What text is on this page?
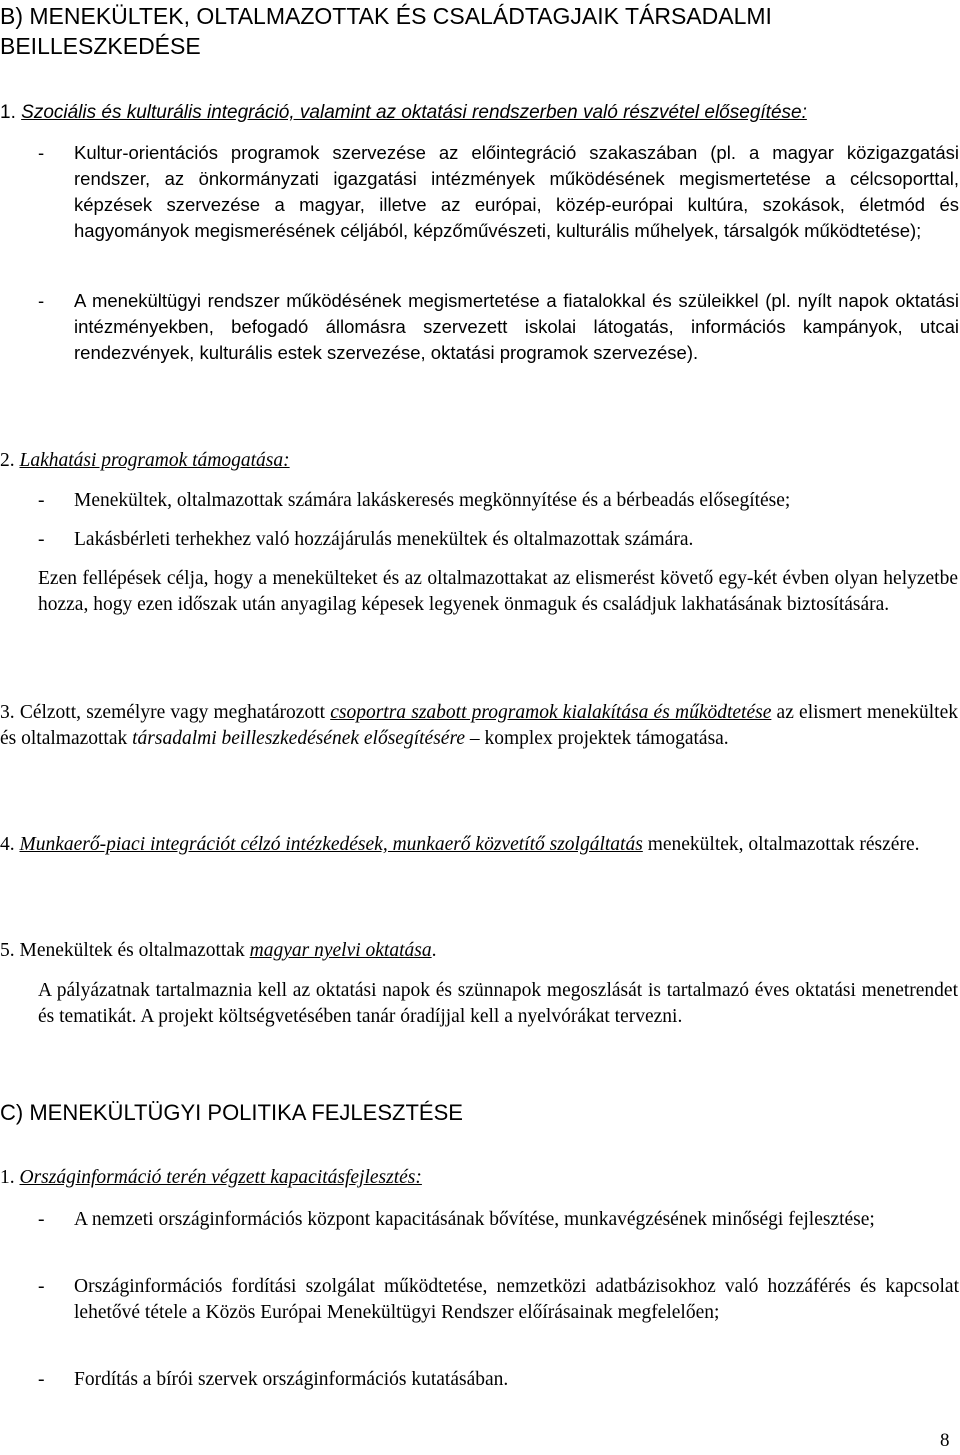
B) MENEKÜLTEK, OLTALMAZOTTAK ÉS CSALÁDTAGJAIK TÁRSADALMI BEILLESZKEDÉSE
1. Szociális és kulturális integráció, valamint az oktatási rendszerben való részvétel elősegítése:
- Kultur-orientációs programok szervezése az előintegráció szakaszában (pl. a magyar közigazgatási rendszer, az önkormányzati igazgatási intézmények működésének megismertetése a célcsoporttal, képzések szervezése a magyar, illetve az európai, közép-európai kultúra, szokások, életmód és hagyományok megismerésének céljából, képzőművészeti, kulturális műhelyek, társalgók működtetése);
- A menekültügyi rendszer működésének megismertetése a fiatalokkal és szüleikkel (pl. nyílt napok oktatási intézményekben, befogadó állomásra szervezett iskolai látogatás, információs kampányok, utcai rendezvények, kulturális estek szervezése, oktatási programok szervezése).
2. Lakhatási programok támogatása:
- Menekültek, oltalmazottak számára lakáskeresés megkönnyítése és a bérbeadás elősegítése;
- Lakásbérleti terhekhez való hozzájárulás menekültek és oltalmazottak számára.
Ezen fellépések célja, hogy a menekülteket és az oltalmazottakat az elismerést követő egy-két évben olyan helyzetbe hozza, hogy ezen időszak után anyagilag képesek legyenek önmaguk és családjuk lakhatásának biztosítására.
3. Célzott, személyre vagy meghatározott csoportra szabott programok kialakítása és működtetése az elismert menekültek és oltalmazottak társadalmi beilleszkedésének elősegítésére – komplex projektek támogatása.
4. Munkaerő-piaci integrációt célzó intézkedések, munkaerő közvetítő szolgáltatás menekültek, oltalmazottak részére.
5. Menekültek és oltalmazottak magyar nyelvi oktatása.
A pályázatnak tartalmaznia kell az oktatási napok és szünnapok megoszlását is tartalmazó éves oktatási menetrendet és tematikát. A projekt költségvetésében tanár óradíjjal kell a nyelvórákat tervezni.
C) MENEKÜLTÜGYI POLITIKA FEJLESZTÉSE
1. Országinformáció terén végzett kapacitásfejlesztés:
- A nemzeti országinformációs központ kapacitásának bővítése, munkavégzésének minőségi fejlesztése;
- Országinformációs fordítási szolgálat működtetése, nemzetközi adatbázisokhoz való hozzáférés és kapcsolat lehetővé tétele a Közös Európai Menekültügyi Rendszer előírásainak megfelelően;
- Fordítás a bírói szervek országinformációs kutatásában.
8
